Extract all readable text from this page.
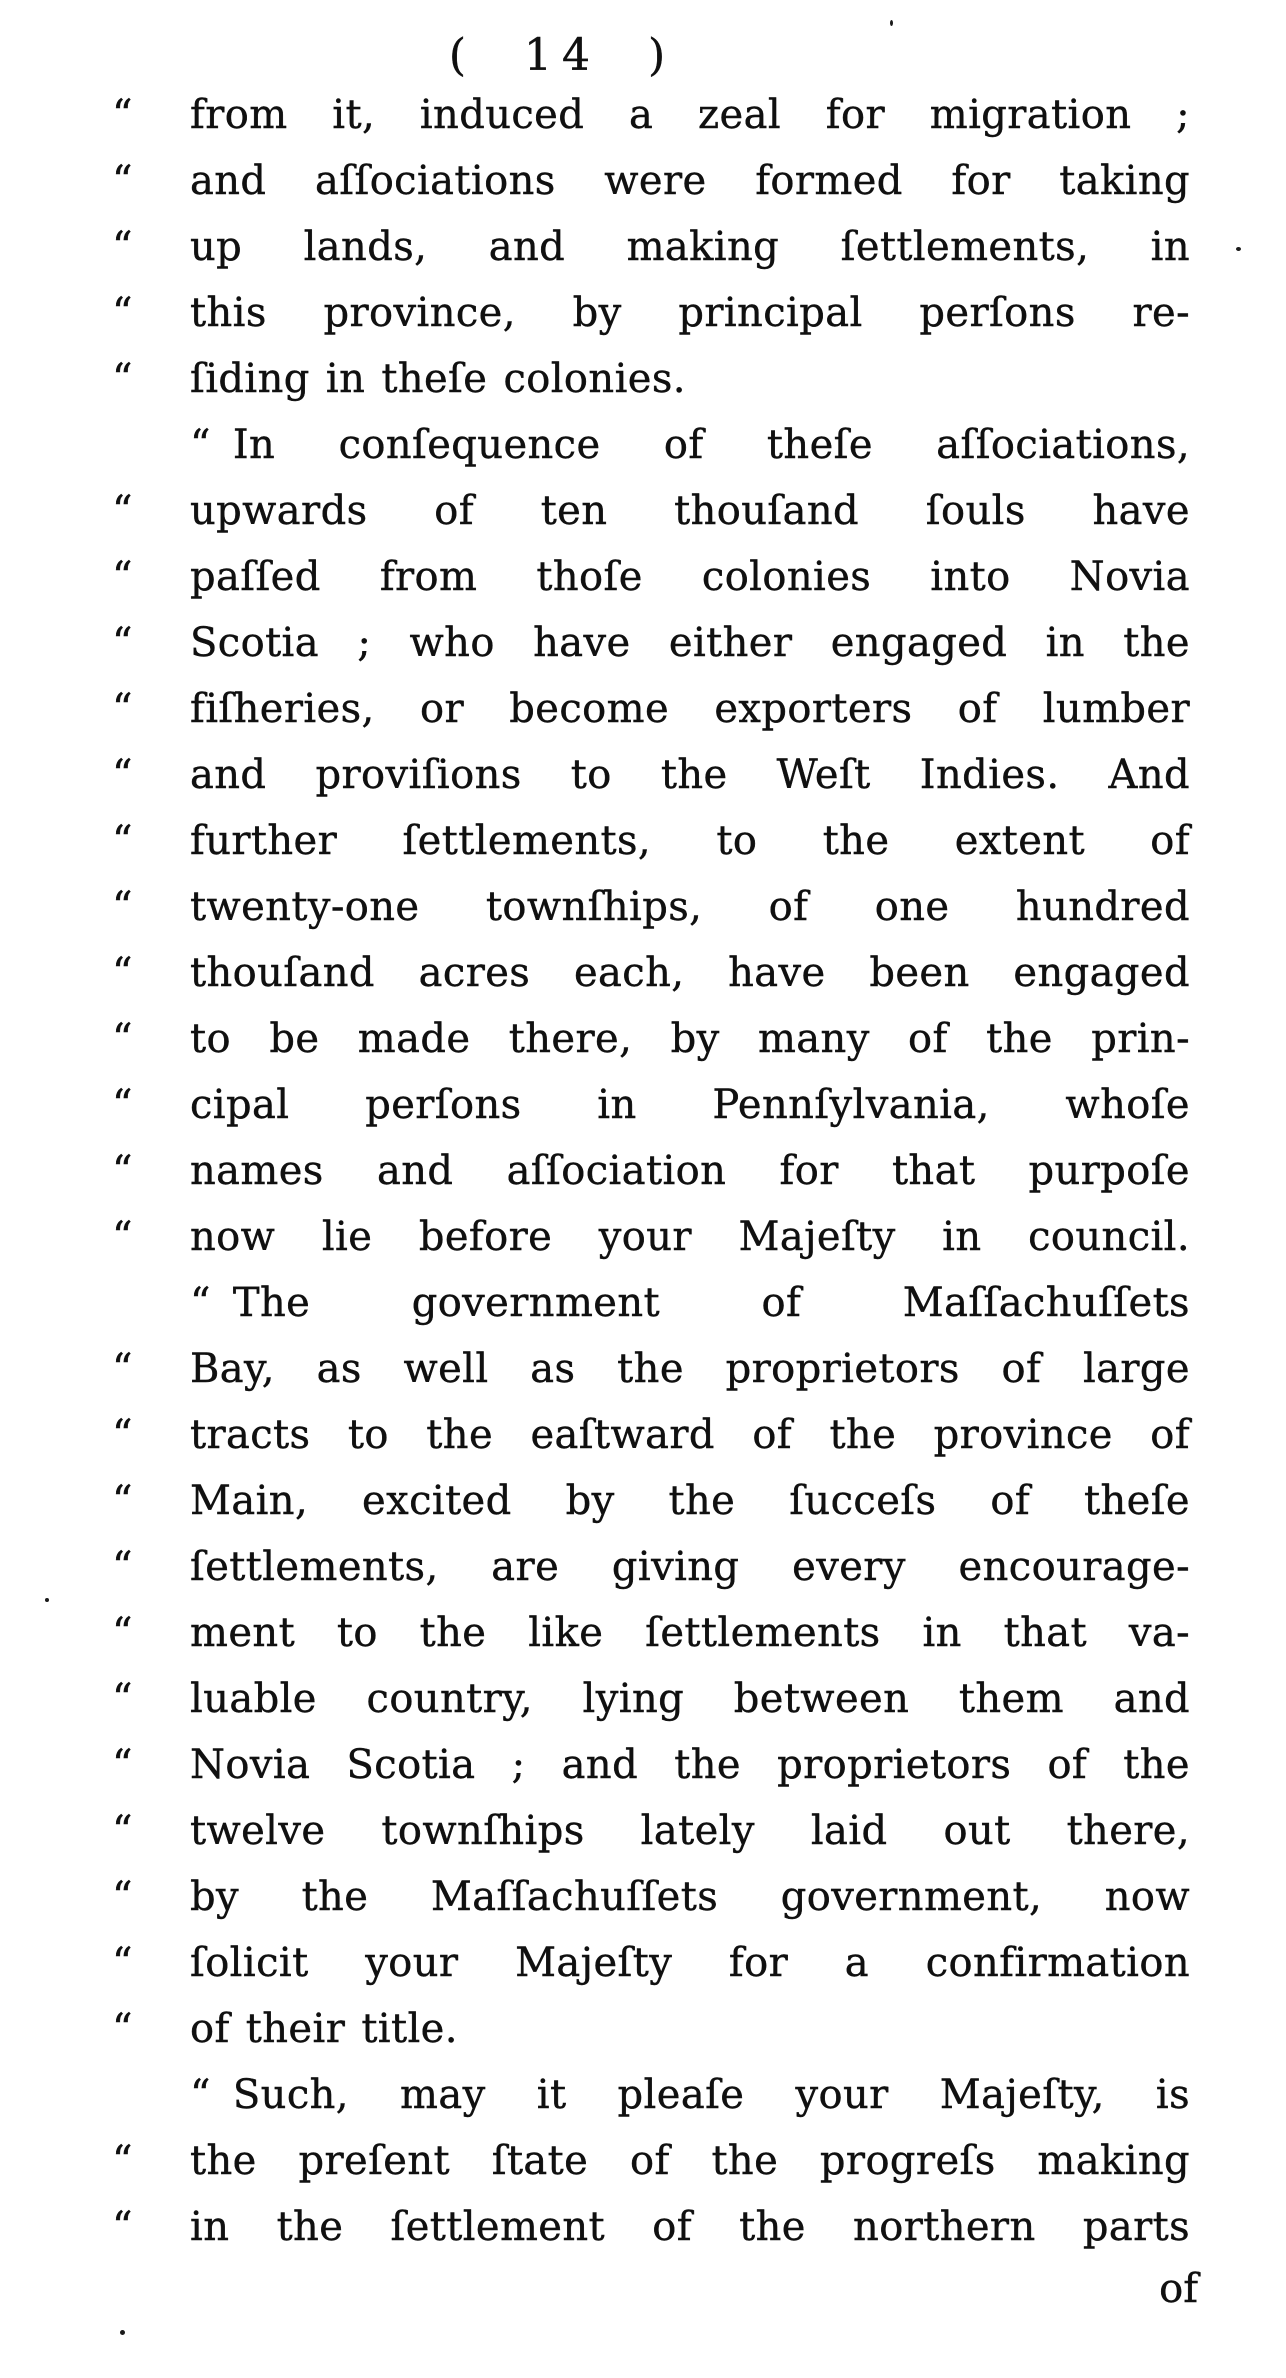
(  14  )
“	from it, induced a zeal for migration ;
“	and aſſociations were formed for taking
“	up lands, and making ſettlements, in
“	this province, by principal perſons re-
“	ſiding in theſe colonies.
“ In conſequence of theſe aſſociations,
“	upwards of ten thouſand ſouls have
“	paſſed from thoſe colonies into Novia
“	Scotia ; who have either engaged in the
“	fiſheries, or become exporters of lumber
“	and proviſions to the Weſt Indies. And
“	further ſettlements, to the extent of
“	twenty-one townſhips, of one hundred
“	thouſand acres each, have been engaged
“	to be made there, by many of the prin-
“	cipal perſons in Pennſylvania, whoſe
“	names and aſſociation for that purpoſe
“	now lie before your Majeſty in council.
“ The government of Maſſachuſſets
“	Bay, as well as the proprietors of large
“	tracts to the eaſtward of the province of
“	Main, excited by the ſucceſs of theſe
“	ſettlements, are giving every encourage-
“	ment to the like ſettlements in that va-
“	luable country, lying between them and
“	Novia Scotia ; and the proprietors of the
“	twelve townſhips lately laid out there,
“	by the Maſſachuſſets government, now
“	ſolicit your Majeſty for a confirmation
“	of their title.
“ Such, may it pleaſe your Majeſty, is
“	the preſent ſtate of the progreſs making
“	in the ſettlement of the northern parts
of
